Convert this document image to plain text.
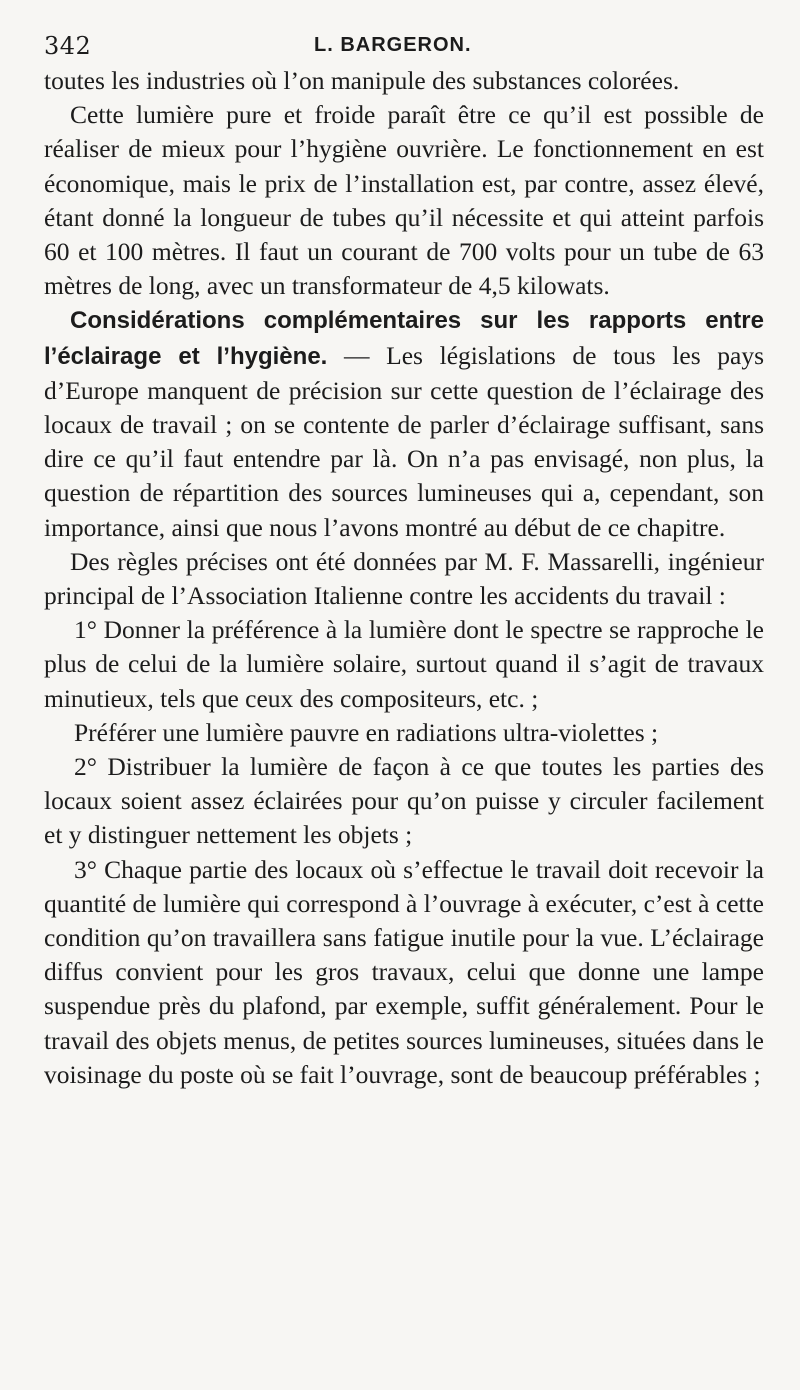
342	L. BARGERON.

toutes les industries où l’on manipule des substances colorées.

Cette lumière pure et froide paraît être ce qu’il est possible de réaliser de mieux pour l’hygiène ouvrière. Le fonctionnement en est économique, mais le prix de l’installation est, par contre, assez élevé, étant donné la longueur de tubes qu’il nécessite et qui atteint parfois 60 et 100 mètres. Il faut un courant de 700 volts pour un tube de 63 mètres de long, avec un transformateur de 4,5 kilowats.

Considérations complémentaires sur les rapports entre l’éclairage et l’hygiène. — Les législations de tous les pays d’Europe manquent de précision sur cette question de l’éclairage des locaux de travail ; on se contente de parler d’éclairage suffisant, sans dire ce qu’il faut entendre par là. On n’a pas envisagé, non plus, la question de répartition des sources lumineuses qui a, cependant, son importance, ainsi que nous l’avons montré au début de ce chapitre.

Des règles précises ont été données par M. F. Massarelli, ingénieur principal de l’Association Italienne contre les accidents du travail :

1° Donner la préférence à la lumière dont le spectre se rapproche le plus de celui de la lumière solaire, surtout quand il s’agit de travaux minutieux, tels que ceux des compositeurs, etc. ;

Préférer une lumière pauvre en radiations ultra-violettes ;

2° Distribuer la lumière de façon à ce que toutes les parties des locaux soient assez éclairées pour qu’on puisse y circuler facilement et y distinguer nettement les objets ;

3° Chaque partie des locaux où s’effectue le travail doit recevoir la quantité de lumière qui correspond à l’ouvrage à exécuter, c’est à cette condition qu’on travaillera sans fatigue inutile pour la vue. L’éclairage diffus convient pour les gros travaux, celui que donne une lampe suspendue près du plafond, par exemple, suffit généralement. Pour le travail des objets menus, de petites sources lumineuses, situées dans le voisinage du poste où se fait l’ouvrage, sont de beaucoup préférables ;
